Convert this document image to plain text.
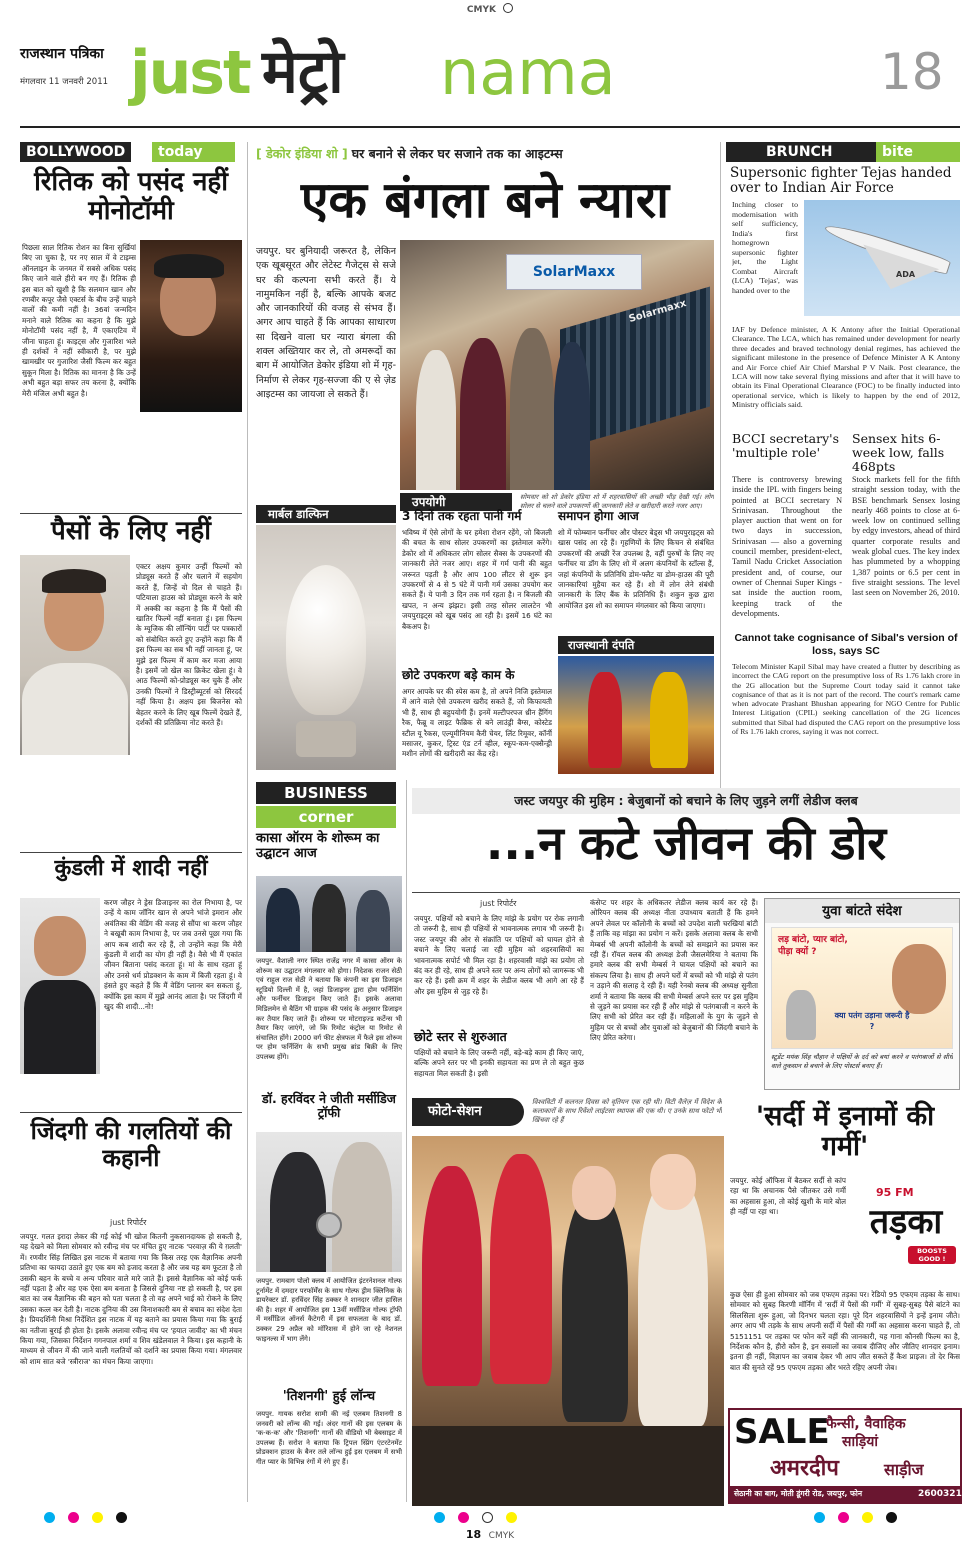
CMYK
राजस्थान पत्रिका
मंगलवार 11 जनवरी 2011 just मेट्रो nama	18
BOLLYWOOD	today
रितिक को पसंद नहीं मोनोटॉमी
पिछला साल रितिक रोशन का बिना सुर्खियां बिए जा चुका है, पर नए साल में वे टाइम्स ऑनलाइन के जनमत में सबसे अधिक पसंद किए जाने वाले हीरो बन गए हैं। रितिक ही इस बात को खुशी है कि सलमान खान और रणबीर कपूर जैसे एक्टर्स के बीच उन्हें चाहने वालों की कमी नहीं है। 36वां जन्मदिन मनाने वाले रितिक का कहना है कि मुझे मोनोटॉमी पसंद नहीं है, मैं एकाएटिव में जीना चाहता हूं। काइट्स और गुजारिश भले ही दर्शकों ने नहीं स्वीकारी है, पर मुझे खामखीर पर गुजारिश जैसी फिल्म कर बहुत सुकून मिला है। रितिक का मानना है कि उन्हें अभी बहुत बड़ा सफर तय करना है, क्योंकि मेरी मंजिल अभी बहुत है।
पैसों के लिए नहीं
एक्टर अक्षय कुमार उन्हीं फिल्मों को प्रोड्यूस करते हैं और चलाने में सहयोग करते हैं, जिन्हें वो दिल से चाहते हैं। पटियाला हाउस को प्रोड्यूस करने के बारे में अक्की का कहना है कि मैं पैसों की खातिर फिल्में नहीं बनाता हूं। इस फिल्म के म्यूजिक की लॉन्चिंग पार्टी पर पत्रकारों को संबोधित करते हुए उन्होंने कहा कि मैं इस फिल्म का सब भी नहीं जानता हूं, पर मुझे इस फिल्म में काम कर मजा आया है। इसमें जो खेल का क्रिकेट खेला हूं। वे आठ फिल्मों को-प्रोड्यूस कर चुके हैं और उनकी फिल्मों ने डिस्ट्रीब्यूटर्स को सिरदर्द नहीं किया है। अक्षय इस बिजनेस को बेहतर करने के लिए खूब फिल्में देखते हैं, दर्शकों की प्रतिक्रिया नोट करते हैं।
कुंडली में शादी नहीं
करण जौहर ने ड्रेस डिजाइनर का रोल निभाया है, पर उन्हें ये काम जॉनिर खान से अपने भांजे इमरान और अवंतिका की वेडिंग की वजह से सौंपा था करण जौहर ने बखूबी काम निभाया है, पर जब उनसे पूछा गया कि आप कब शादी कर रहे हैं, तो उन्होंने कहा कि मेरी कुंडली में शादी का योग ही नहीं है। वैसे भी मैं एकांत जीवन बिताना पसंद करता हूं। मां के साथ रहता हूं और उनसे धर्म प्रोडक्शन के काम में बिजी रहता हूं। वे हंसते हुए कहते हैं कि मैं वेडिंग प्लानर बन सकता हूं, क्योंकि इस काम में मुझे आनंद आता है। पर जिंदगी में खुद की शादी...नो!
जिंदगी की गलतियों की कहानी
just रिपोर्टर
जयपुर. गलत इरादा लेकर की गई कोई भी खोज कितनी नुकसानदायक हो सकती है, यह देखने को मिला सोमवार को रवीन्द्र मंच पर मंचित हुए नाटक 'परवाज़ की ये ग़लती' में। रणवीर सिंह लिखित इस नाटक में बताया गया कि किस तरह एक वैज्ञानिक अपनी प्रतिभा का फायदा उठाते हुए एक बम को इजाद करता है और जब यह बम फूटता है तो उसकी बहन के बच्चे व अन्य परिवार वाले मारे जाते हैं। इससे वैज्ञानिक को कोई फर्क नहीं पड़ता है और वह एक ऐसा बम बनाता है जिससे दुनिया नष्ट हो सकती है, पर इस बात का जब वैज्ञानिक की बहन को पता चलता है तो वह अपने भाई को रोकने के लिए उसका कत्ल कर देती है। नाटक दुनिया की उस विनाशकारी बम से बचाव का संदेश देता है। प्रियदर्शिनी मिश्रा निर्देशित इस नाटक में यह बताने का प्रयास किया गया कि बुराई का नतीजा बुराई ही होता है। इसके अलावा रवीन्द्र मंच पर 'हयात जावीद' का भी मंचन किया गया, जिसका निर्देशन गगनपाल शर्मा व शिव खंडेलवाल ने किया। इस कहानी के माध्यम से जीवन में की जाने वाली गलतियों को दर्शाने का प्रयास किया गया। मंगलवार को शाम सात बजे 'स्त्रीराज' का मंचन किया जाएगा।
[ डेकोर इंडिया शो ] घर बनाने से लेकर घर सजाने तक का आइटम्स
एक बंगला बने न्यारा
जयपुर. घर बुनियादी जरूरत है, लेकिन एक खूबसूरत और लेटेस्ट गैजेट्स से सजे घर की कल्पना सभी करते हैं। ये नामुमकिन नहीं है, बल्कि आपके बजट और जानकारियों की वजह से संभव हैं। अगर आप चाहते हैं कि आपका साधारण सा दिखने वाला घर न्यारा बंगला की शक्ल अख्तियार कर ले, तो अमरूदों का बाग में आयोजित डेकोर इंडिया शो में गृह-निर्माण से लेकर गृह-सज्जा की ए से ज़ेड आइटम्स का जायजा ले सकते हैं।
SolarMaxx
Solarmaxx
उपयोगी	सोमवार को शो डेकोर इंडिया शो में शहरवासियों की अच्छी भीड़ देखी गई। लोग सोलर से चलने वाले उपकरणों की जानकारी लेते व खरीदारी करते नजर आए।
मार्बल डाल्फिन	3 दिनों तक रहता पानी गर्म
भविष्य में ऐसे लोगों के घर हमेशा रोशन रहेंगे, जो बिजली की बचत के साथ सोलर उपकरणों का इस्तेमाल करेंगे। डेकोर शो में अधिकतर लोग सोलर सैक्स के उपकरणों की जानकारी लेते नजर आए। शहर में गर्म पानी की बहुत जरूरत पड़ती है और आप 100 लीटर से शुरू इन उपकरणों से 4 से 5 घंटे में पानी गर्म उसका उपयोग कर सकते हैं। ये पानी 3 दिन तक गर्म रहता है। न बिजली की खपत, न अन्य झंझट। इसी तरह सोलर लालटेन भी जयपुराइट्स को खूब पसंद आ रही है। इसमें 16 घंटे का बैकअप है।
छोटे उपकरण बड़े काम के
अगर आपके घर की स्पेस कम है, तो अपने निजि इस्तेमाल में आने वाले ऐसे उपकरण खरीद सकते हैं, जो किफायती भी हैं, साथ ही बहुपयोगी हैं। इनमें मल्टीपरपज थ्रीन हैंगिंग रैक, फैब्रू व लाइट फैब्रिक से बने लाउंड्री बैग्स, कोस्टेड स्टील यू रैकस, एल्यूमीनियम कैरी चेयर, लिंट रिमूवर, कॉर्नी मसाजर, कुकर, ट्रिस्ट एंड टर्न व्हील, स्कूप-कम-एक्सैन्ड्री मशीन लोगों की खरीदारी का केंद्र रहे।
समापन होगा आज
शो में फोम्ब्यान फर्नीचर और पोस्टर बेड्स भी जयपुराइट्स को खास पसंद आ रहे हैं। गृहणियों के लिए किचन से संबंधित उपकरणों की अच्छी रेंज उपलब्ध है, वहीं पुरुषों के लिए नए फर्नीचर या डॉग के लिए शो में अलग कंपनियों के स्टॉल्स हैं, जहां कंपनियों के प्रतिनिधि डोम-फ्लैट या डोम-हाउस की पूरी जानकारियां मुहैया कर रहे हैं। शो में लोन लेने संबंधी जानकारी के लिए बैंक के प्रतिनिधि हैं। शकुन कुछ द्वारा आयोजित इस शो का समापन मंगलवार को किया जाएगा।
राजस्थानी दंपति
BRUNCH	bite
Supersonic fighter Tejas handed over to Indian Air Force
Inching closer to modernisation with self sufficiency, India's first homegrown supersonic fighter jet, the Light Combat Aircraft (LCA) 'Tejas', was handed over to the
ADA
IAF by Defence minister, A K Antony after the Initial Operational Clearance. The LCA, which has remained under development for nearly three decades and braved technology denial regimes, has achieved the significant milestone in the presence of Defence Minister A K Antony and Air Force chief Air Chief Marshal P V Naik. Post clearance, the LCA will now take several flying missions and after that it will have to obtain its Final Operational Clearance (FOC) to be finally inducted into operational service, which is likely to happen by the end of 2012, Ministry officials said.
BCCI secretary's 'multiple role'
There is controversy brewing inside the IPL with fingers being pointed at BCCI secretary N Srinivasan. Throughout the player auction that went on for two days in succession, Srinivasan — also a governing council member, president-elect, Tamil Nadu Cricket Association president and, of course, our owner of Chennai Super Kings - sat inside the auction room, keeping track of the developments.
Sensex hits 6-week low, falls 468pts
Stock markets fell for the fifth straight session today, with the BSE benchmark Sensex losing nearly 468 points to close at 6-week low on continued selling by edgy investors, ahead of third quarter corporate results and weak global cues. The key index has plummeted by a whopping 1,387 points or 6.5 per cent in five straight sessions. The level last seen on November 26, 2010.
Cannot take cognisance of Sibal's version of loss, says SC
Telecom Minister Kapil Sibal may have created a flutter by describing as incorrect the CAG report on the presumptive loss of Rs 1.76 lakh crore in the 2G allocation but the Supreme Court today said it cannot take cognisance of that as it is not part of the record. The court's remark came when advocate Prashant Bhushan appearing for NGO Centre for Public Interest Litigation (CPIL) seeking cancellation of the 2G licences submitted that Sibal had disputed the CAG report on the presumptive loss of Rs 1.76 lakh crores, saying it was not correct.
BUSINESS
corner
कासा ऑरम के शोरूम का उद्घाटन आज
जयपुर. वैशाली नगर स्थित राजेंद्र नगर में कासा ऑरम के शोरूम का उद्घाटन मंगलवार को होगा। निदेशक राजन सेठी एवं राहुल राज सेठी ने बताया कि कंपनी का इस डिजाइन स्टूडियो दिल्ली में है, जहां डिजाइनर द्वारा होम फर्निशिंग और फर्नीचर डिजाइन किए जाते हैं। इसके अलावा मिडिलमेन से बैठिंग भी ग्राहक की पसंद के अनुसार डिजाइन कर तैयार किए जाते हैं। शोरूम पर मोटराइज्ड कर्टेन्स भी तैयार किए जाएंगे, जो कि रिमोट कंट्रोल या रिमोट से संचालित होंगे। 2000 वर्ग फीट क्षेत्रफल में फैले इस शोरूम पर होम फर्निशिंग के सभी प्रमुख ब्रांड बिक्री के लिए उपलब्ध होंगे।
डॉ. हरविंदर ने जीती मर्सीडिज ट्रॉफी
जयपुर. रामबाग पोलो क्लब में आयोजित इंटरनेशनल गोल्फ टूर्नामेंट में दमदार परफॉर्मेंस के साथ गोल्फ ड्रीम क्लिनिक के डायरेक्टर डॉ. हरविंदर सिंह ठक्कर ने शानदार जीत हासिल की है। शहर में आयोजित इस 13वीं मर्सीडिज गोल्फ ट्रॉफी में मर्सीडिज ऑनर्स कैटेगरी में इस सफलता के बाद डॉ. ठक्कर 29 अप्रैल को मॉरिशस में होने जा रहे नेशनल फाइनल्स में भाग लेंगे।
'तिशनगी' हुई लॉन्च
जयपुर. गायक सरोश सामी की नई एलबम तिशनगी 8 जनवरी को लॉन्च की गई। अंदर गानों की इस एलबम के 'क-क-क' और 'तिशनगी' गानों की वीडियो भी बेबसाइट में उपलब्ध हैं। सरोश ने बताया कि ट्रिपल स्प्रिंग एंटरटेनमेंट प्रोडक्शन हाउस के बैनर तले लॉन्च हुई इस एलबम में सभी गीत प्यार के विभिन्न रंगों में रंगे हुए हैं।
जस्ट जयपुर की मुहिम : बेजुबानों को बचाने के लिए जुड़ने लगीं लेडीज क्लब
...न कटे जीवन की डोर
just रिपोर्टर
जयपुर. पक्षियों को बचाने के लिए मांझे के प्रयोग पर रोक लगानी तो जरूरी है, साथ ही पक्षियों से भावनात्मक लगाव भी जरूरी है। जस्ट जयपुर की ओर से संक्रांति पर पक्षियों को घायल होने से बचाने के लिए चलाई जा रही मुहिम को शहरवासियों का भावनात्मक सपोर्ट भी मिल रहा है। शहरवासी मांझे का प्रयोग तो बंद कर ही रहे, साथ ही अपने स्तर पर अन्य लोगों को जागरूक भी कर रहे हैं। इसी क्रम में शहर के लेडीज क्लब भी आगे आ रहे हैं और इस मुहिम से जुड़ रहे हैं।
छोटे स्तर से शुरुआत
पक्षियों को बचाने के लिए जरूरी नहीं, बड़े-बड़े काम ही किए जाएं, बल्कि अपने स्तर पर भी इनकी सहायता का प्रण ले तो बहुत कुछ सहायता मिल सकती है। इसी
कंसेप्ट पर शहर के अधिकतर लेडीज क्लब कार्य कर रहे हैं। ओरियन क्लब की अध्यक्ष नीता उपाध्याय बताती हैं कि हमने अपने लेवल पर कॉलोनी के बच्चों को उपदेश वाली चरखियां बांटी हैं ताकि वह मांझा का प्रयोग न करें। इसके अलावा क्लब के सभी मेम्बर्स भी अपनी कॉलोनी के बच्चों को समझाने का प्रयास कर रही हैं। रॉयल क्लब की अध्यक्ष डेजी जैसलमेरिया ने बताया कि हमारे क्लब की सभी मेम्बर्स ने घायल पक्षियों को बचाने का संकल्प लिया है। साथ ही अपने घरों में बच्चों को भी मांझे से पतंग न उड़ाने की सलाह दे रही हैं। यही रेनबो क्लब की अध्यक्ष सुनीता शर्मा ने बताया कि क्लब की सभी मेम्बर्स अपने स्तर पर इस मुहिम से जुड़ने का प्रयास कर रही हैं और मांझे से पतंगबाजी न करने के लिए सभी को प्रेरित कर रही हैं। महिलाओं के युग के जुड़ने से मुहिम पर से बच्चों और युवाओं को बेजुबानों की जिंदगी बचाने के लिए प्रेरित करेगा।
युवा बांटते संदेश
लड़ बांटो, प्यार बांटो, पीड़ा क्यों ?
क्या पतंग उड़ाना जरूरी है ?
स्टूडेंट मयंक सिंह चौहान ने पक्षियों के दर्द को बयां करने व पतंगबाजों से सीधे वाले तुकसान से बचाने के लिए पोस्टर्स बनाए हैं।
फोटो-सेशन
विश्वविटी में कलनल दिवस को वृतियन एक रही थी। विटी वैलेज़ में विदेश के कलाकारों के साथ रिवेंशो लाईटसा स्थापक की एक थी। ए उनके साथ फोटो भी खिंचवा रहे हैं	'सर्दी में इनामों की गर्मी'
जयपुर. कोई ऑफिस में बैठकर सर्दी से कांप रहा था कि अचानक पैसे जीतकर उसे गर्मी का अहसास हुआ, तो कोई खुशी के मारे बोल ही नहीं पा रहा था।
95 FM
तड़का
BOOSTS GOOD !
कुछ ऐसा ही हुआ सोमवार को जब एफएम तड़का पर। रेडियो 95 एफएम तड़का के साथ। सोमवार को सुबह किरणी मॉर्निंग में 'सर्दी में पैसों की गर्मी' में सुबह-सुबह पैसे बांटने का सिलसिला शुरू हुआ, जो दिनभर चलता रहा। पूरे दिन शहरवासियों ने इन्हें इनाम जीते। अगर आप भी तड़के के साथ अपनी सर्दी में पैसों की गर्मी का अहसास करना चाहते हैं, तो 5151151 पर तड़का पर फोन करें वहीं की जानकारी, यह गाना कौनसी फिल्म का है, निर्देशक कौन है, हीरो कौन है, इन सवालों का जवाब दीजिए और जीतिए शानदार इनाम। इतना ही नहीं, विज्ञापन का जवाब देकर भी आप जीत सकते हैं कैश प्राइज। तो देर किस बात की सुनते रहें 95 एफएम तड़का और भरते रहिए अपनी जेब।
SALE
फैन्सी, वैवाहिक
साड़ियां
अमरदीप	साड़ीज
सेठानी का बाग, मोती डूंगरी रोड, जयपुर, फोन	2600321

18 CMYK
